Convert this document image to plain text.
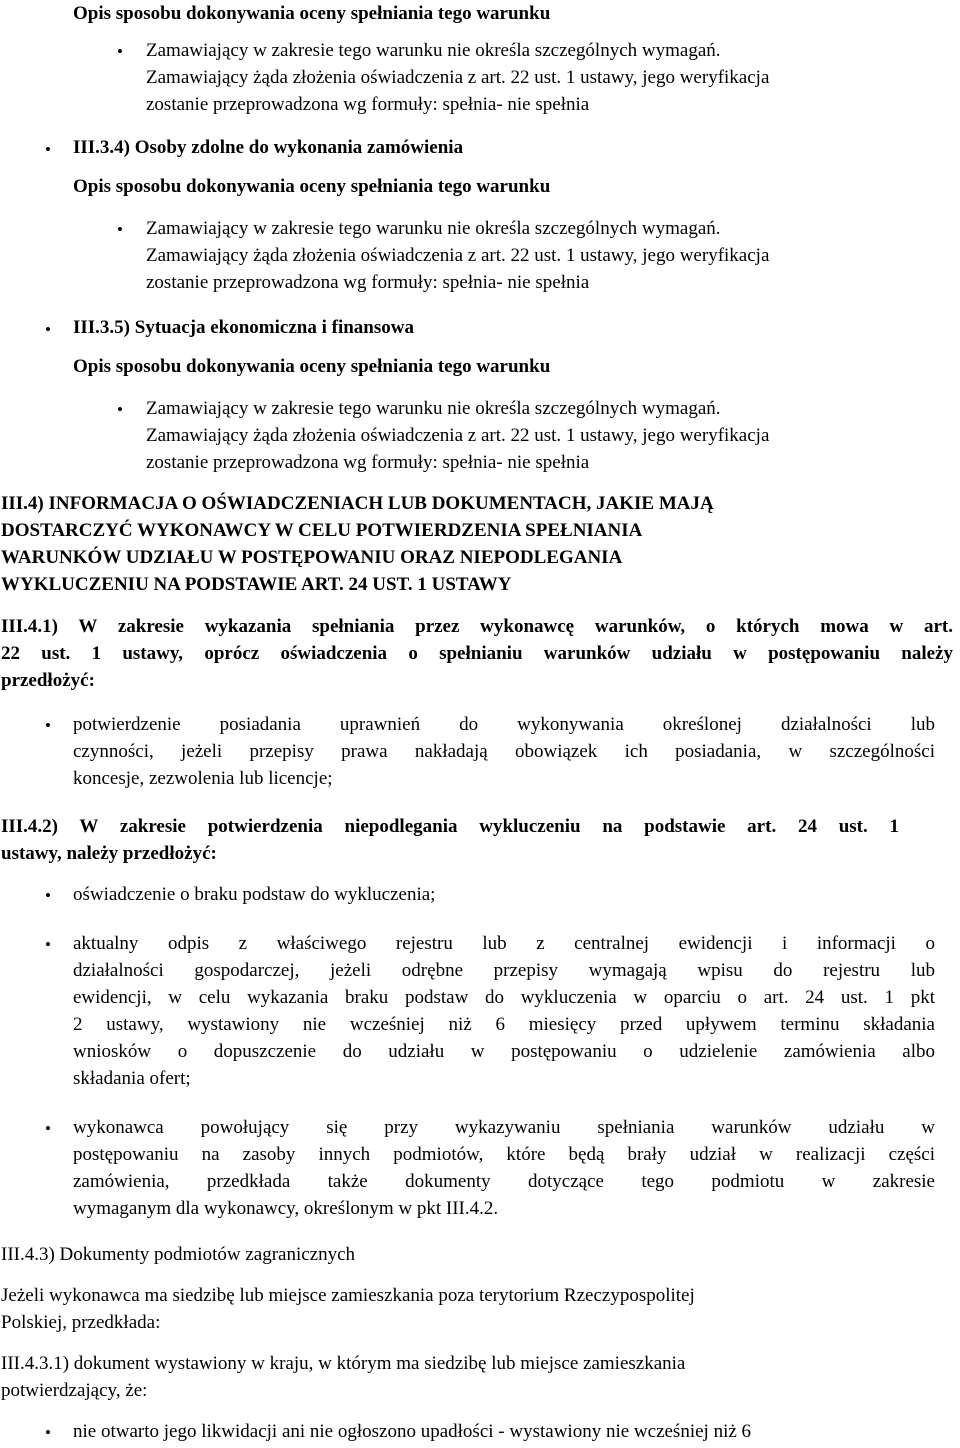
Opis sposobu dokonywania oceny spełniania tego warunku
• Zamawiający w zakresie tego warunku nie określa szczególnych wymagań.
Zamawiający żąda złożenia oświadczenia z art. 22 ust. 1 ustawy, jego weryfikacja
zostanie przeprowadzona wg formuły: spełnia- nie spełnia
• III.3.4) Osoby zdolne do wykonania zamówienia
Opis sposobu dokonywania oceny spełniania tego warunku
• Zamawiający w zakresie tego warunku nie określa szczególnych wymagań.
Zamawiający żąda złożenia oświadczenia z art. 22 ust. 1 ustawy, jego weryfikacja
zostanie przeprowadzona wg formuły: spełnia- nie spełnia
• III.3.5) Sytuacja ekonomiczna i finansowa
Opis sposobu dokonywania oceny spełniania tego warunku
• Zamawiający w zakresie tego warunku nie określa szczególnych wymagań.
Zamawiający żąda złożenia oświadczenia z art. 22 ust. 1 ustawy, jego weryfikacja
zostanie przeprowadzona wg formuły: spełnia- nie spełnia
III.4) INFORMACJA O OŚWIADCZENIACH LUB DOKUMENTACH, JAKIE MAJĄ
DOSTARCZYĆ WYKONAWCY W CELU POTWIERDZENIA SPEŁNIANIA
WARUNKÓW UDZIAŁU W POSTĘPOWANIU ORAZ NIEPODLEGANIA
WYKLUCZENIU NA PODSTAWIE ART. 24 UST. 1 USTAWY
III.4.1) W zakresie wykazania spełniania przez wykonawcę warunków, o których mowa w art.
22 ust. 1 ustawy, oprócz oświadczenia o spełnianiu warunków udziału w postępowaniu należy
przedłożyć:
• potwierdzenie posiadania uprawnień do wykonywania określonej działalności lub
czynności, jeżeli przepisy prawa nakładają obowiązek ich posiadania, w szczególności
koncesje, zezwolenia lub licencje;
III.4.2) W zakresie potwierdzenia niepodlegania wykluczeniu na podstawie art. 24 ust. 1
ustawy, należy przedłożyć:
• oświadczenie o braku podstaw do wykluczenia;
• aktualny odpis z właściwego rejestru lub z centralnej ewidencji i informacji o
działalności gospodarczej, jeżeli odrębne przepisy wymagają wpisu do rejestru lub
ewidencji, w celu wykazania braku podstaw do wykluczenia w oparciu o art. 24 ust. 1 pkt
2 ustawy, wystawiony nie wcześniej niż 6 miesięcy przed upływem terminu składania
wniosków o dopuszczenie do udziału w postępowaniu o udzielenie zamówienia albo
składania ofert;
• wykonawca powołujący się przy wykazywaniu spełniania warunków udziału w
postępowaniu na zasoby innych podmiotów, które będą brały udział w realizacji części
zamówienia, przedkłada także dokumenty dotyczące tego podmiotu w zakresie
wymaganym dla wykonawcy, określonym w pkt III.4.2.
III.4.3) Dokumenty podmiotów zagranicznych
Jeżeli wykonawca ma siedzibę lub miejsce zamieszkania poza terytorium Rzeczypospolitej
Polskiej, przedkłada:
III.4.3.1) dokument wystawiony w kraju, w którym ma siedzibę lub miejsce zamieszkania
potwierdzający, że:
• nie otwarto jego likwidacji ani nie ogłoszono upadłości - wystawiony nie wcześniej niż 6
